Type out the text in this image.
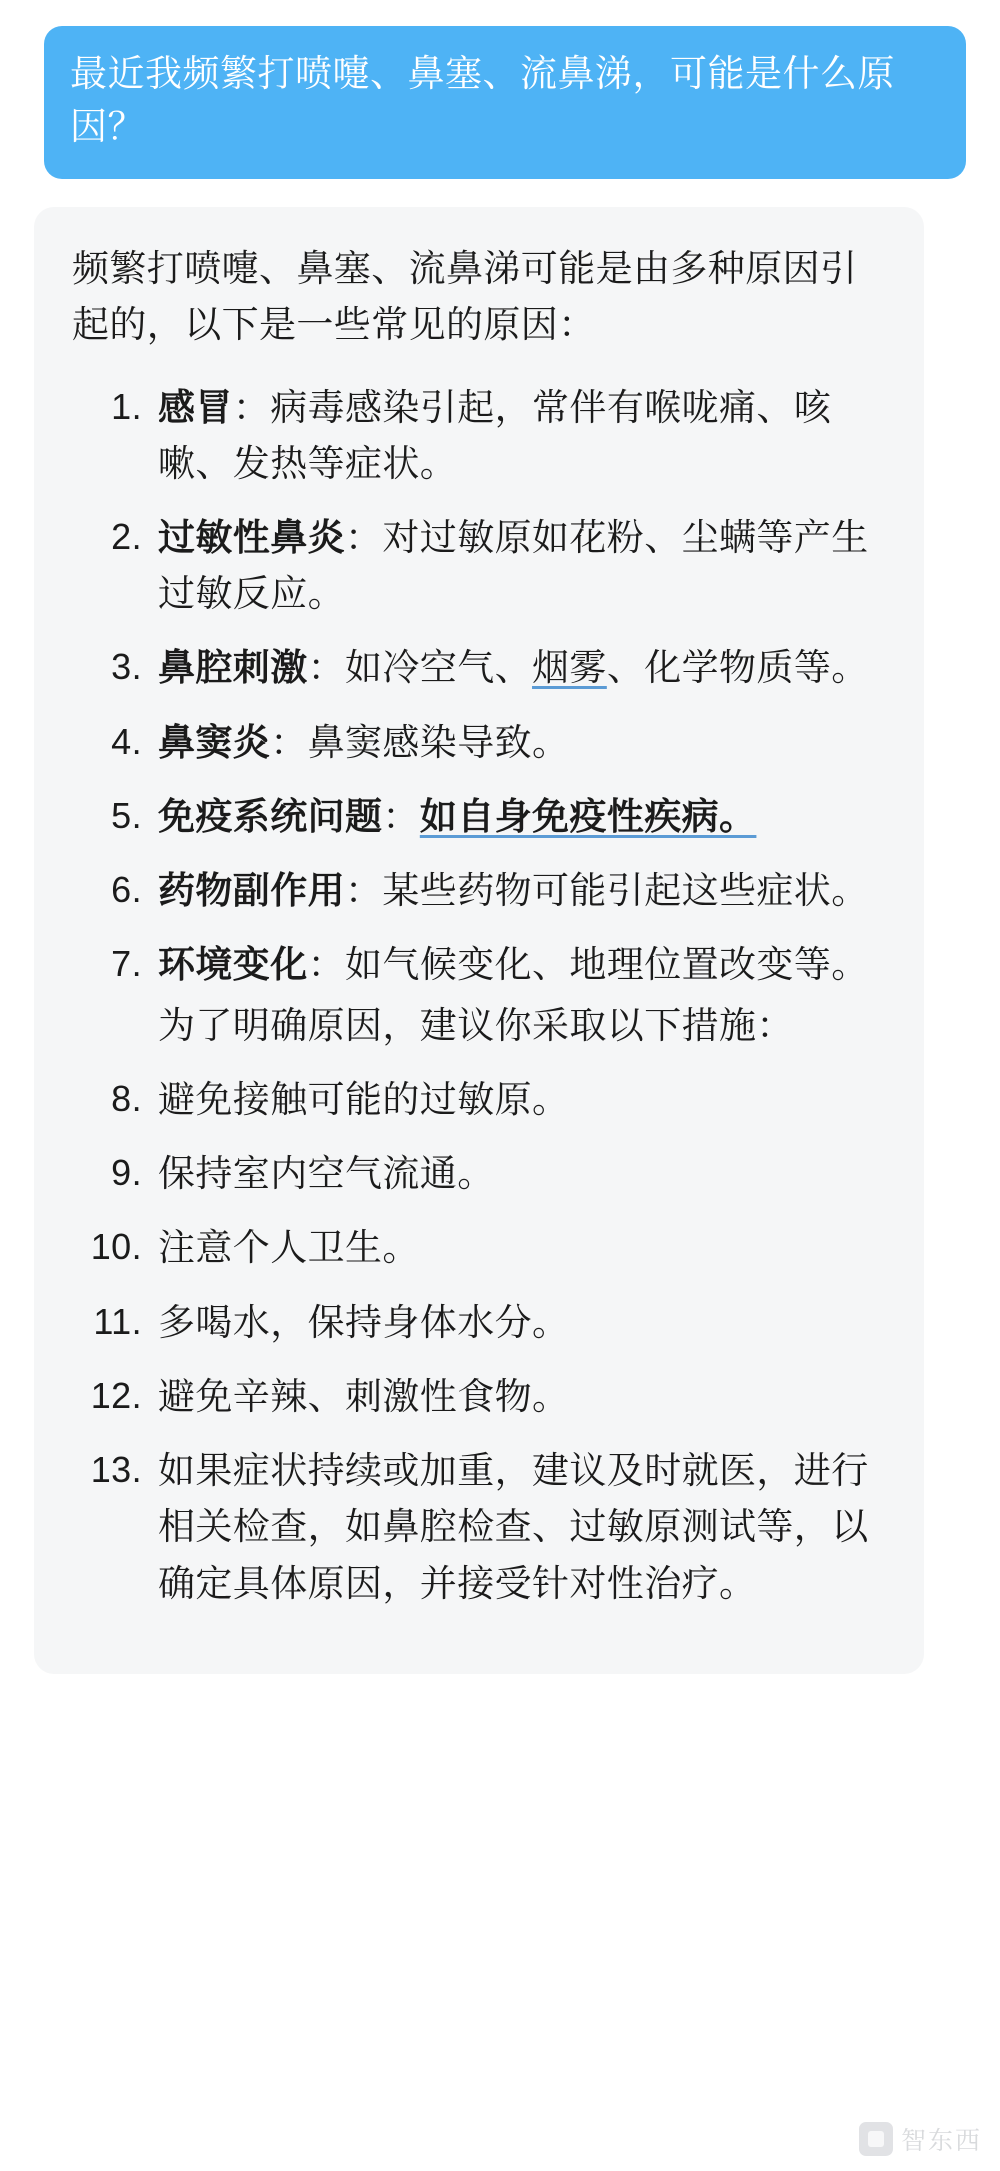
最近我频繁打喷嚏、鼻塞、流鼻涕，可能是什么原因？

频繁打喷嚏、鼻塞、流鼻涕可能是由多种原因引起的，以下是一些常见的原因：

感冒：病毒感染引起，常伴有喉咙痛、咳嗽、发热等症状。
过敏性鼻炎：对过敏原如花粉、尘螨等产生过敏反应。
鼻腔刺激：如冷空气、烟雾、化学物质等。
鼻窦炎：鼻窦感染导致。
免疫系统问题：如自身免疫性疾病。
药物副作用：某些药物可能引起这些症状。
环境变化：如气候变化、地理位置改变等。
为了明确原因，建议你采取以下措施：
避免接触可能的过敏原。
保持室内空气流通。
注意个人卫生。
多喝水，保持身体水分。
避免辛辣、刺激性食物。
如果症状持续或加重，建议及时就医，进行相关检查，如鼻腔检查、过敏原测试等，以确定具体原因，并接受针对性治疗。
智东西
